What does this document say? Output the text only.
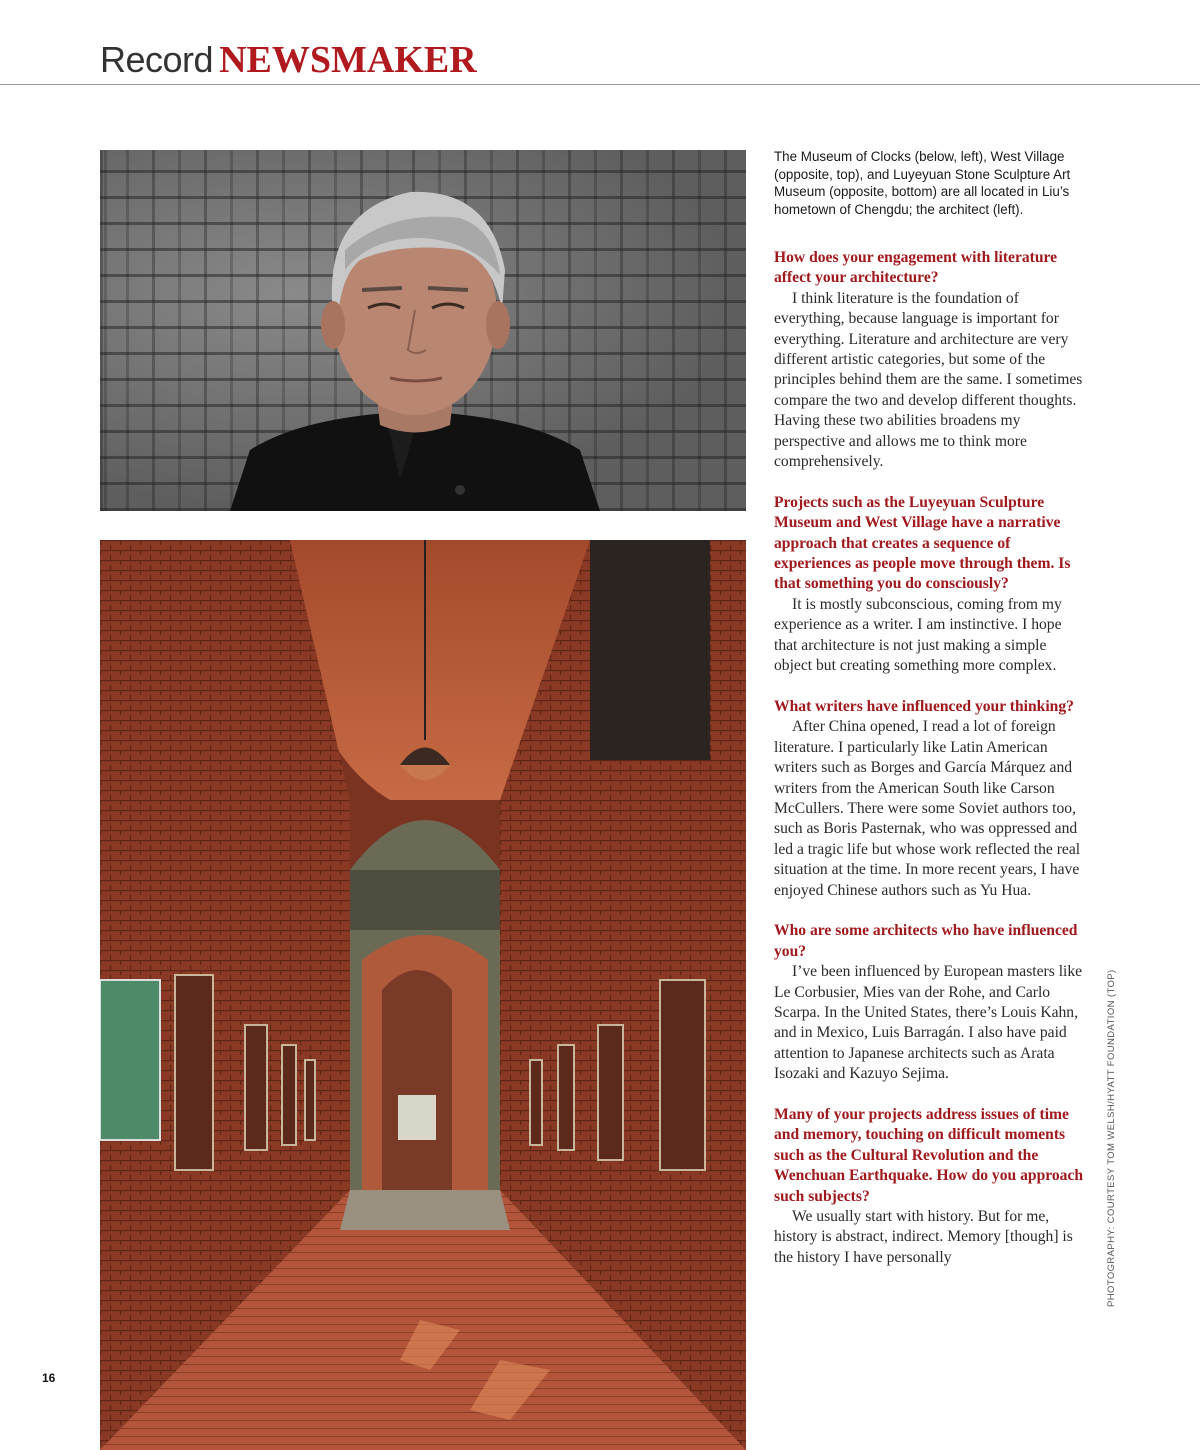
Record NEWSMAKER
The Museum of Clocks (below, left), West Village (opposite, top), and Luyeyuan Stone Sculpture Art Museum (opposite, bottom) are all located in Liu’s hometown of Chengdu; the architect (left).

How does your engagement with literature affect your architecture?

I think literature is the foundation of everything, because language is important for everything. Literature and architecture are very different artistic categories, but some of the principles behind them are the same. I sometimes compare the two and develop different thoughts. Having these two abilities broadens my perspective and allows me to think more comprehensively.

Projects such as the Luyeyuan Sculpture Museum and West Village have a narrative approach that creates a sequence of experiences as people move through them. Is that something you do consciously?

It is mostly subconscious, coming from my experience as a writer. I am instinctive. I hope that architecture is not just making a simple object but creating something more complex.

What writers have influenced your thinking?

After China opened, I read a lot of foreign literature. I particularly like Latin American writers such as Borges and García Márquez and writers from the American South like Carson McCullers. There were some Soviet authors too, such as Boris Pasternak, who was oppressed and led a tragic life but whose work reflected the real situation at the time. In more recent years, I have enjoyed Chinese authors such as Yu Hua.

Who are some architects who have influenced you?

I’ve been influenced by European masters like Le Corbusier, Mies van der Rohe, and Carlo Scarpa. In the United States, there’s Louis Kahn, and in Mexico, Luis Barragán. I also have paid attention to Japanese architects such as Arata Isozaki and Kazuyo Sejima.

Many of your projects address issues of time and memory, touching on difficult moments such as the Cultural Revolution and the Wenchuan Earthquake. How do you approach such subjects?

We usually start with history. But for me, history is abstract, indirect. Memory [though] is the history I have personally	PHOTOGRAPHY: COURTESY TOM WELSH/HYATT FOUNDATION (TOP)
16
